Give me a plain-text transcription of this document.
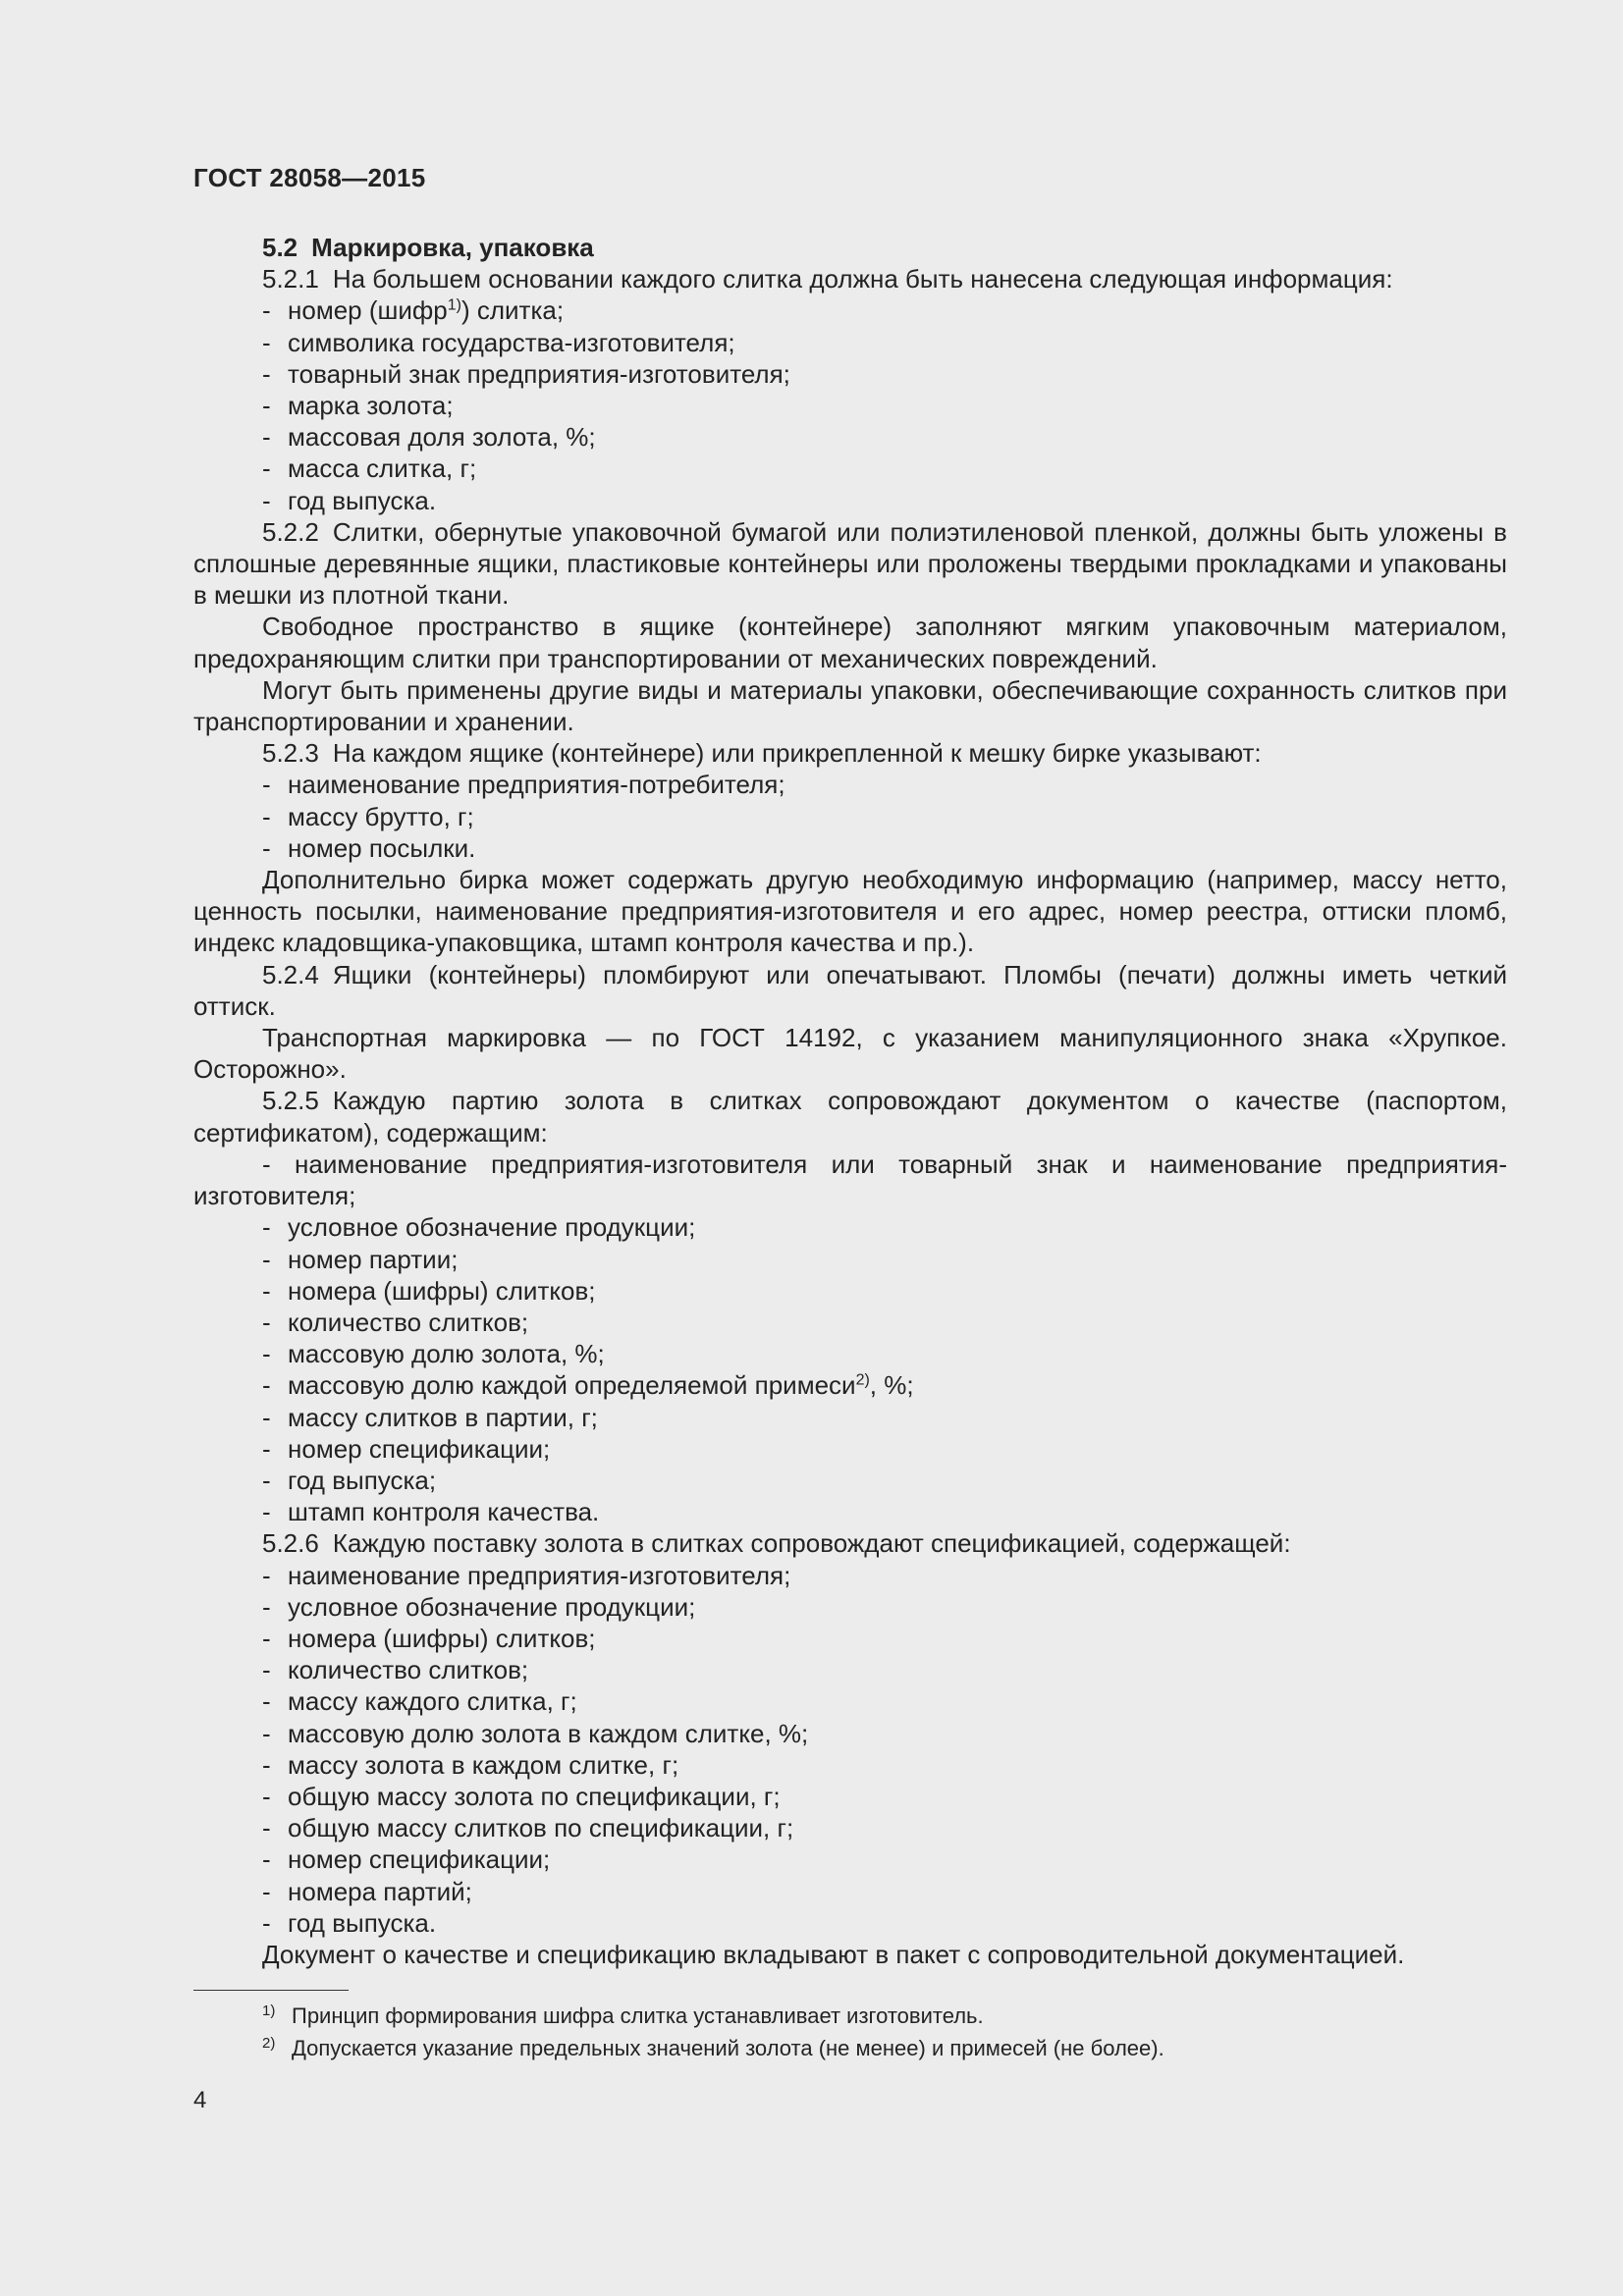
ГОСТ 28058—2015

5.2 Маркировка, упаковка

5.2.1 На большем основании каждого слитка должна быть нанесена следующая информация:

- номер (шифр$^{1)}$) слитка;

- символика государства-изготовителя;

- товарный знак предприятия-изготовителя;

- марка золота;

- массовая доля золота, %;

- масса слитка, г;

- год выпуска.

5.2.2 Слитки, обернутые упаковочной бумагой или полиэтиленовой пленкой, должны быть уложены в сплошные деревянные ящики, пластиковые контейнеры или проложены твердыми прокладками и упакованы в мешки из плотной ткани.

Свободное пространство в ящике (контейнере) заполняют мягким упаковочным материалом, предохраняющим слитки при транспортировании от механических повреждений.

Могут быть применены другие виды и материалы упаковки, обеспечивающие сохранность слитков при транспортировании и хранении.

5.2.3 На каждом ящике (контейнере) или прикрепленной к мешку бирке указывают:

- наименование предприятия-потребителя;

- массу брутто, г;

- номер посылки.

Дополнительно бирка может содержать другую необходимую информацию (например, массу нетто, ценность посылки, наименование предприятия-изготовителя и его адрес, номер реестра, оттиски пломб, индекс кладовщика-упаковщика, штамп контроля качества и пр.).

5.2.4 Ящики (контейнеры) пломбируют или опечатывают. Пломбы (печати) должны иметь четкий оттиск.

Транспортная маркировка — по ГОСТ 14192, с указанием манипуляционного знака «Хрупкое. Осторожно».

5.2.5 Каждую партию золота в слитках сопровождают документом о качестве (паспортом, сертификатом), содержащим:

- наименование предприятия-изготовителя или товарный знак и наименование предприятия-изготовителя;

- условное обозначение продукции;

- номер партии;

- номера (шифры) слитков;

- количество слитков;

- массовую долю золота, %;

- массовую долю каждой определяемой примеси$^{2)}$, %;

- массу слитков в партии, г;

- номер спецификации;

- год выпуска;

- штамп контроля качества.

5.2.6 Каждую поставку золота в слитках сопровождают спецификацией, содержащей:

- наименование предприятия-изготовителя;

- условное обозначение продукции;

- номера (шифры) слитков;

- количество слитков;

- массу каждого слитка, г;

- массовую долю золота в каждом слитке, %;

- массу золота в каждом слитке, г;

- общую массу золота по спецификации, г;

- общую массу слитков по спецификации, г;

- номер спецификации;

- номера партий;

- год выпуска.

Документ о качестве и спецификацию вкладывают в пакет с сопроводительной документацией.

1) Принцип формирования шифра слитка устанавливает изготовитель.

2) Допускается указание предельных значений золота (не менее) и примесей (не более).

4
